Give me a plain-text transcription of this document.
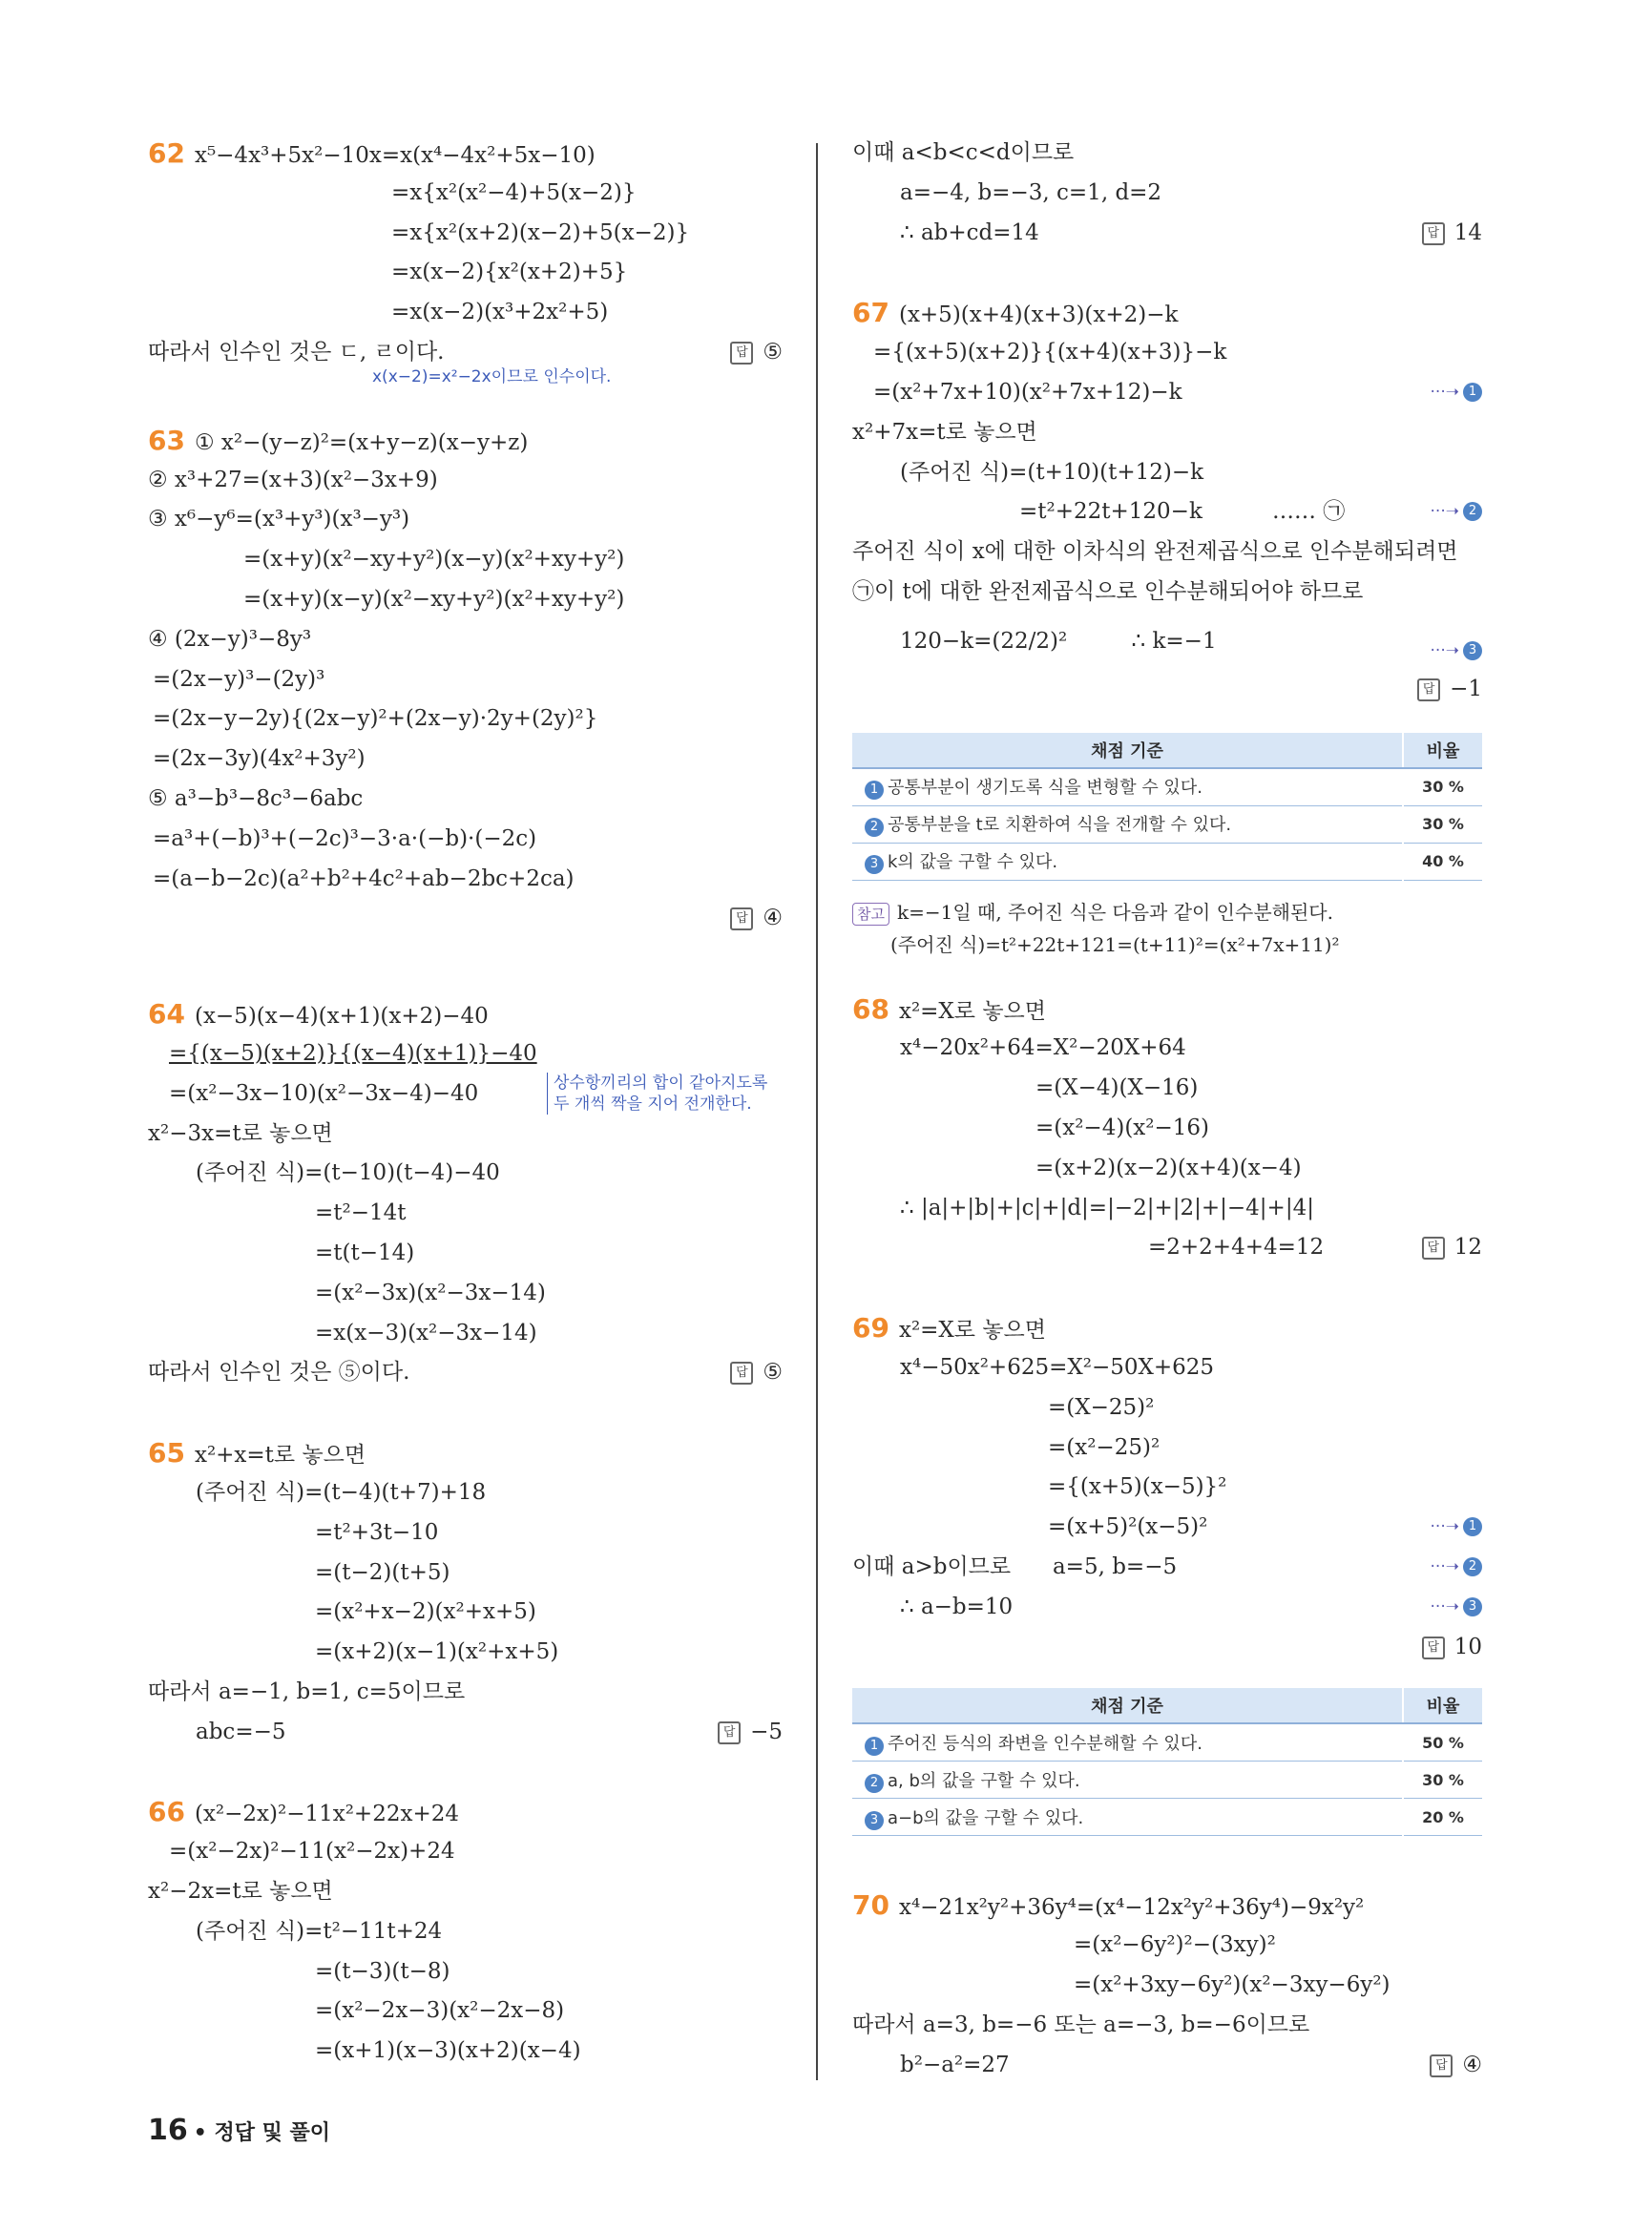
62 x⁵−4x³+5x²−10x=x(x⁴−4x²+5x−10)
=x{x²(x²−4)+5(x−2)}
=x{x²(x+2)(x−2)+5(x−2)}
=x(x−2){x²(x+2)+5}
=x(x−2)(x³+2x²+5)
따라서 인수인 것은 ㄷ, ㄹ이다.	답 ⑤
x(x−2)=x²−2x이므로 인수이다.
63 ① x²−(y−z)²=(x+y−z)(x−y+z)
② x³+27=(x+3)(x²−3x+9)
③ x⁶−y⁶=(x³+y³)(x³−y³)
=(x+y)(x²−xy+y²)(x−y)(x²+xy+y²)
=(x+y)(x−y)(x²−xy+y²)(x²+xy+y²)
④ (2x−y)³−8y³
=(2x−y)³−(2y)³
=(2x−y−2y){(2x−y)²+(2x−y)·2y+(2y)²}
=(2x−3y)(4x²+3y²)
⑤ a³−b³−8c³−6abc
=a³+(−b)³+(−2c)³−3·a·(−b)·(−2c)
=(a−b−2c)(a²+b²+4c²+ab−2bc+2ca)
답 ④
64 (x−5)(x−4)(x+1)(x+2)−40
={(x−5)(x+2)}{(x−4)(x+1)}−40
=(x²−3x−10)(x²−3x−4)−40
x²−3x=t로 놓으면
(주어진 식)=(t−10)(t−4)−40
=t²−14t
=t(t−14)
=(x²−3x)(x²−3x−14)
=x(x−3)(x²−3x−14)
따라서 인수인 것은 ⑤이다.	답 ⑤
상수항끼리의 합이 같아지도록
두 개씩 짝을 지어 전개한다.
65 x²+x=t로 놓으면
(주어진 식)=(t−4)(t+7)+18
=t²+3t−10
=(t−2)(t+5)
=(x²+x−2)(x²+x+5)
=(x+2)(x−1)(x²+x+5)
따라서 a=−1, b=1, c=5이므로
abc=−5	답 −5
66 (x²−2x)²−11x²+22x+24
=(x²−2x)²−11(x²−2x)+24
x²−2x=t로 놓으면
(주어진 식)=t²−11t+24
=(t−3)(t−8)
=(x²−2x−3)(x²−2x−8)
=(x+1)(x−3)(x+2)(x−4)
이때 a<b<c<d이므로
a=−4, b=−3, c=1, d=2
∴ ab+cd=14	답 14
67 (x+5)(x+4)(x+3)(x+2)−k
={(x+5)(x+2)}{(x+4)(x+3)}−k
=(x²+7x+10)(x²+7x+12)−k	···➝ 1
x²+7x=t로 놓으면
(주어진 식)=(t+10)(t+12)−k
=t²+22t+120−k	…… ㉠	···➝ 2
주어진 식이 x에 대한 이차식의 완전제곱식으로 인수분해되려면
㉠이 t에 대한 완전제곱식으로 인수분해되어야 하므로
120−k=(22/2)²	∴ k=−1	···➝ 3
답 −1
채점 기준	비율
1 공통부분이 생기도록 식을 변형할 수 있다.	30 %
2 공통부분을 t로 치환하여 식을 전개할 수 있다.	30 %
3 k의 값을 구할 수 있다.	40 %
참고 k=−1일 때, 주어진 식은 다음과 같이 인수분해된다.
(주어진 식)=t²+22t+121=(t+11)²=(x²+7x+11)²
68 x²=X로 놓으면
x⁴−20x²+64=X²−20X+64
=(X−4)(X−16)
=(x²−4)(x²−16)
=(x+2)(x−2)(x+4)(x−4)
∴ |a|+|b|+|c|+|d|=|−2|+|2|+|−4|+|4|
=2+2+4+4=12	답 12
69 x²=X로 놓으면
x⁴−50x²+625=X²−50X+625
=(X−25)²
=(x²−25)²
={(x+5)(x−5)}²
=(x+5)²(x−5)²	···➝ 1
이때 a>b이므로      a=5, b=−5
	···➝ 2
∴ a−b=10	···➝ 3
답 10
채점 기준	비율
1 주어진 등식의 좌변을 인수분해할 수 있다.	50 %
2 a, b의 값을 구할 수 있다.	30 %
3 a−b의 값을 구할 수 있다.	20 %
70 x⁴−21x²y²+36y⁴=(x⁴−12x²y²+36y⁴)−9x²y²
=(x²−6y²)²−(3xy)²
=(x²+3xy−6y²)(x²−3xy−6y²)
따라서 a=3, b=−6 또는 a=−3, b=−6이므로
b²−a²=27	답 ④
16 • 정답 및 풀이
